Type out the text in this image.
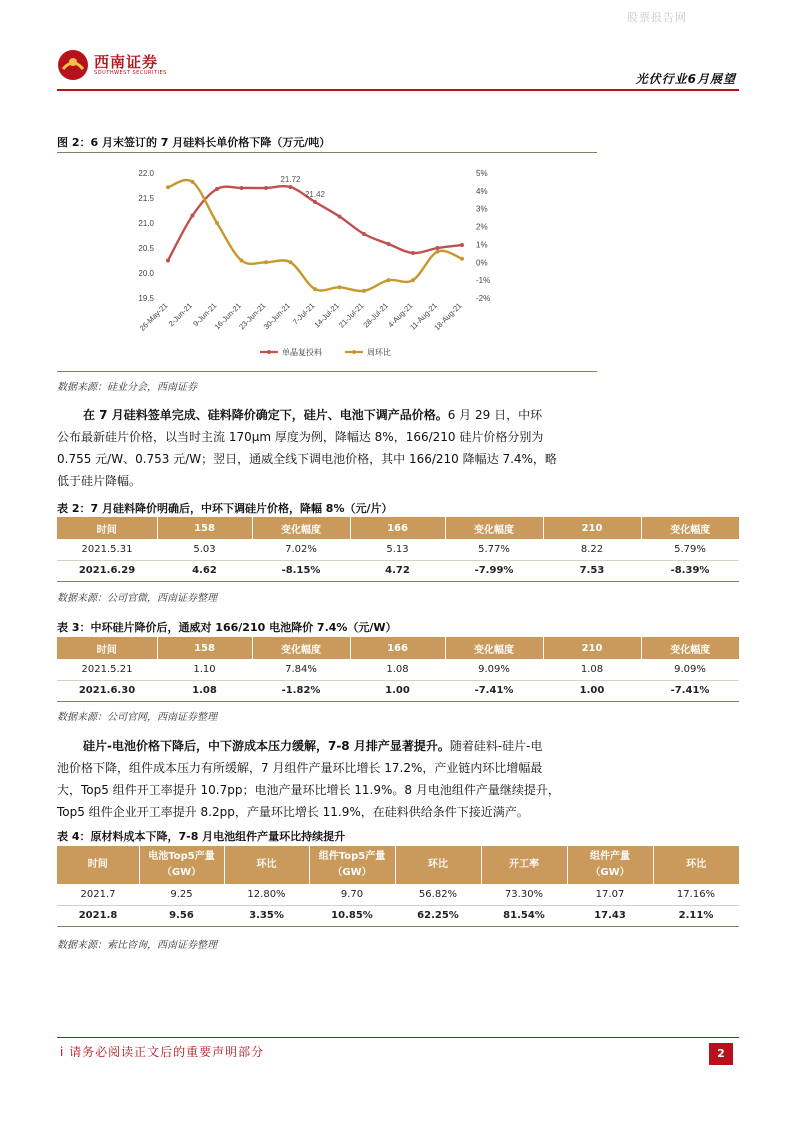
股票报告网
西南证券
SOUTHWEST SECURITIES	光伏行业6月展望
图 2：6 月末签订的 7 月硅料长单价格下降（万元/吨）
19.5
20.0
20.5
21.0
21.5
22.0
-2%
-1%
0%
1%
2%
3%
4%
5%
26-May-21
2-Jun-21
9-Jun-21
16-Jun-21
23-Jun-21
30-Jun-21
7-Jul-21
14-Jul-21
21-Jul-21
28-Jul-21
4-Aug-21
11-Aug-21
18-Aug-21
21.72
21.42
单晶复投料	周环比
数据来源：硅业分会，西南证券

在 7 月硅料签单完成、硅料降价确定下，硅片、电池下调产品价格。6 月 29 日，中环

公布最新硅片价格，以当时主流 170μm 厚度为例，降幅达 8%，166/210 硅片价格分别为

0.755 元/W、0.753 元/W；翌日，通威全线下调电池价格，其中 166/210 降幅达 7.4%，略

低于硅片降幅。

表 2：7 月硅料降价明确后，中环下调硅片价格，降幅 8%（元/片）
时间	158	变化幅度	166	变化幅度	210	变化幅度
2021.5.31	5.03	7.02%	5.13	5.77%	8.22	5.79%
2021.6.29	4.62	-8.15%	4.72	-7.99%	7.53	-8.39%
数据来源：公司官微，西南证券整理
表 3：中环硅片降价后，通威对 166/210 电池降价 7.4%（元/W）
时间	158	变化幅度	166	变化幅度	210	变化幅度
2021.5.21	1.10	7.84%	1.08	9.09%	1.08	9.09%
2021.6.30	1.08	-1.82%	1.00	-7.41%	1.00	-7.41%
数据来源：公司官网，西南证券整理

硅片-电池价格下降后，中下游成本压力缓解，7-8 月排产显著提升。随着硅料-硅片-电

池价格下降，组件成本压力有所缓解，7 月组件产量环比增长 17.2%，产业链内环比增幅最

大，Top5 组件开工率提升 10.7pp；电池产量环比增长 11.9%。8 月电池组件产量继续提升，

Top5 组件企业开工率提升 8.2pp，产量环比增长 11.9%，在硅料供给条件下接近满产。

表 4：原材料成本下降，7-8 月电池组件产量环比持续提升
时间	电池Top5产量
（GW）	环比	组件Top5产量
（GW）	环比	开工率	组件产量
（GW）	环比
2021.7	9.25	12.80%	9.70	56.82%	73.30%	17.07	17.16%
2021.8	9.56	3.35%	10.85%	62.25%	81.54%	17.43	2.11%
数据来源：索比咨询，西南证券整理
i 请务必阅读正文后的重要声明部分	2
